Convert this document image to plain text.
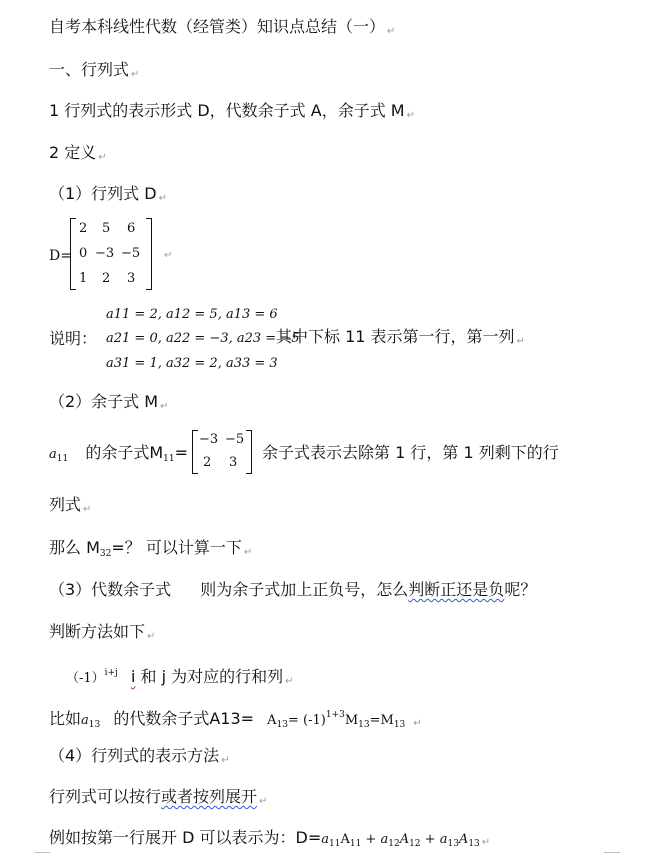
自考本科线性代数（经管类）知识点总结（一） ↵
一、行列式 ↵
1 行列式的表示形式 D，代数余子式 A，余子式 M ↵
2 定义 ↵
（1）行列式 D ↵
D=
2 5 6
0 −3 −5
1 2 3
↵
a11 = 2, a12 = 5, a13 = 6
说明： a21 = 0, a22 = −3, a23 = −5
其中下标 11 表示第一行，第一列 ↵
a31 = 1, a32 = 2, a33 = 3
（2）余子式 M ↵
$a_{11}$ 的余子式$M_{11}=$
−3 −5
2 3
余子式表示去除第 1 行，第 1 列剩下的行
列式 ↵
那么 $M_{32}=$？ 可以计算一下 ↵
（3）代数余子式 则为余子式加上正负号，怎么判断正还是负呢？
判断方法如下 ↵
$(-1)^{i+j}$ i 和 j 为对应的行和列 ↵
比如$a_{13}$ 的代数余子式$A13= A_{13}= (-1)^{1+3}M_{13}=M_{13}$ ↵
（4）行列式的表示方法 ↵
行列式可以按行或者按列展开 ↵
例如按第一行展开 D 可以表示为：$D=a_{11}A_{11} + a_{12}A_{12} + a_{13}A_{13}$ ↵
